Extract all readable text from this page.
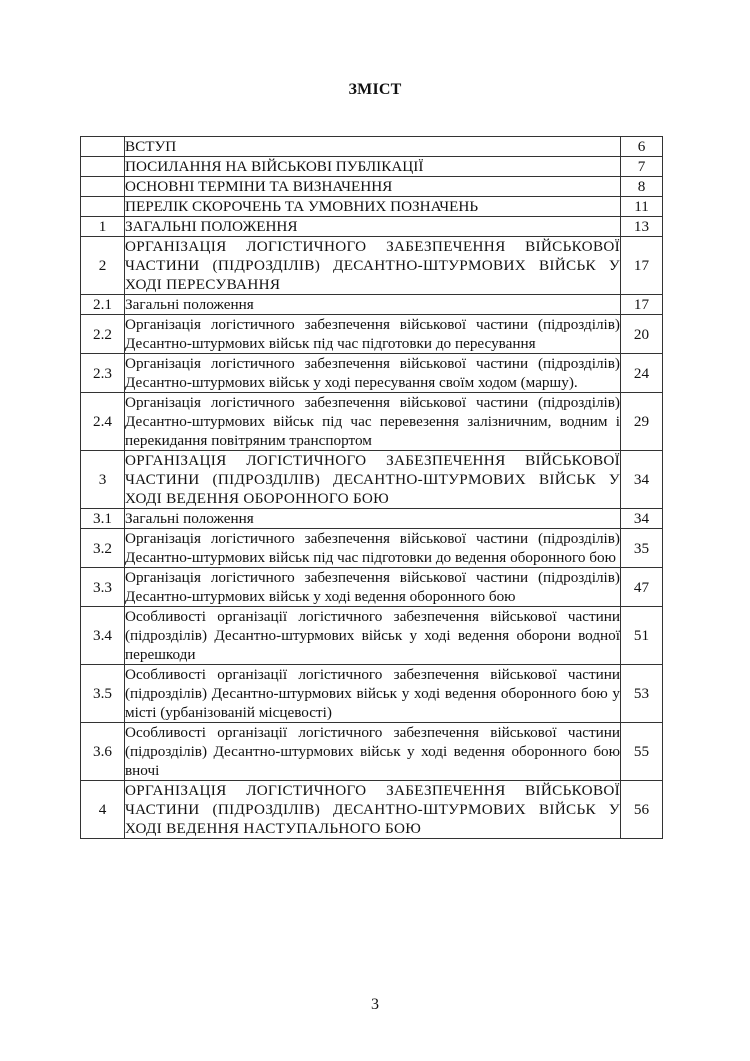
ЗМІСТ
	ВСТУП	6
	ПОСИЛАННЯ НА ВІЙСЬКОВІ ПУБЛІКАЦІЇ	7
	ОСНОВНІ ТЕРМІНИ ТА ВИЗНАЧЕННЯ	8
	ПЕРЕЛІК СКОРОЧЕНЬ ТА УМОВНИХ ПОЗНАЧЕНЬ	11
1	ЗАГАЛЬНІ ПОЛОЖЕННЯ	13
2	ОРГАНІЗАЦІЯ ЛОГІСТИЧНОГО ЗАБЕЗПЕЧЕННЯ ВІЙСЬКОВОЇ ЧАСТИНИ (ПІДРОЗДІЛІВ) ДЕСАНТНО-ШТУРМОВИХ ВІЙСЬК У ХОДІ ПЕРЕСУВАННЯ	17
2.1	Загальні положення	17
2.2	Організація логістичного забезпечення військової частини (підрозділів) Десантно-штурмових військ під час підготовки до пересування	20
2.3	Організація логістичного забезпечення військової частини (підрозділів) Десантно-штурмових військ у ході пересування своїм ходом (маршу).	24
2.4	Організація логістичного забезпечення військової частини (підрозділів) Десантно-штурмових військ під час перевезення залізничним, водним і перекидання повітряним транспортом	29
3	ОРГАНІЗАЦІЯ ЛОГІСТИЧНОГО ЗАБЕЗПЕЧЕННЯ ВІЙСЬКОВОЇ ЧАСТИНИ (ПІДРОЗДІЛІВ) ДЕСАНТНО-ШТУРМОВИХ ВІЙСЬК У ХОДІ ВЕДЕННЯ ОБОРОННОГО БОЮ	34
3.1	Загальні положення	34
3.2	Організація логістичного забезпечення військової частини (підрозділів) Десантно-штурмових військ під час підготовки до ведення оборонного бою	35
3.3	Організація логістичного забезпечення військової частини (підрозділів) Десантно-штурмових військ у ході ведення оборонного бою	47
3.4	Особливості організації логістичного забезпечення військової частини (підрозділів) Десантно-штурмових військ у ході ведення оборони водної перешкоди	51
3.5	Особливості організації логістичного забезпечення військової частини (підрозділів) Десантно-штурмових військ у ході ведення оборонного бою у місті (урбанізованій місцевості)	53
3.6	Особливості організації логістичного забезпечення військової частини (підрозділів) Десантно-штурмових військ у ході ведення оборонного бою вночі	55
4	ОРГАНІЗАЦІЯ ЛОГІСТИЧНОГО ЗАБЕЗПЕЧЕННЯ ВІЙСЬКОВОЇ ЧАСТИНИ (ПІДРОЗДІЛІВ) ДЕСАНТНО-ШТУРМОВИХ ВІЙСЬК У ХОДІ ВЕДЕННЯ НАСТУПАЛЬНОГО БОЮ	56
3
